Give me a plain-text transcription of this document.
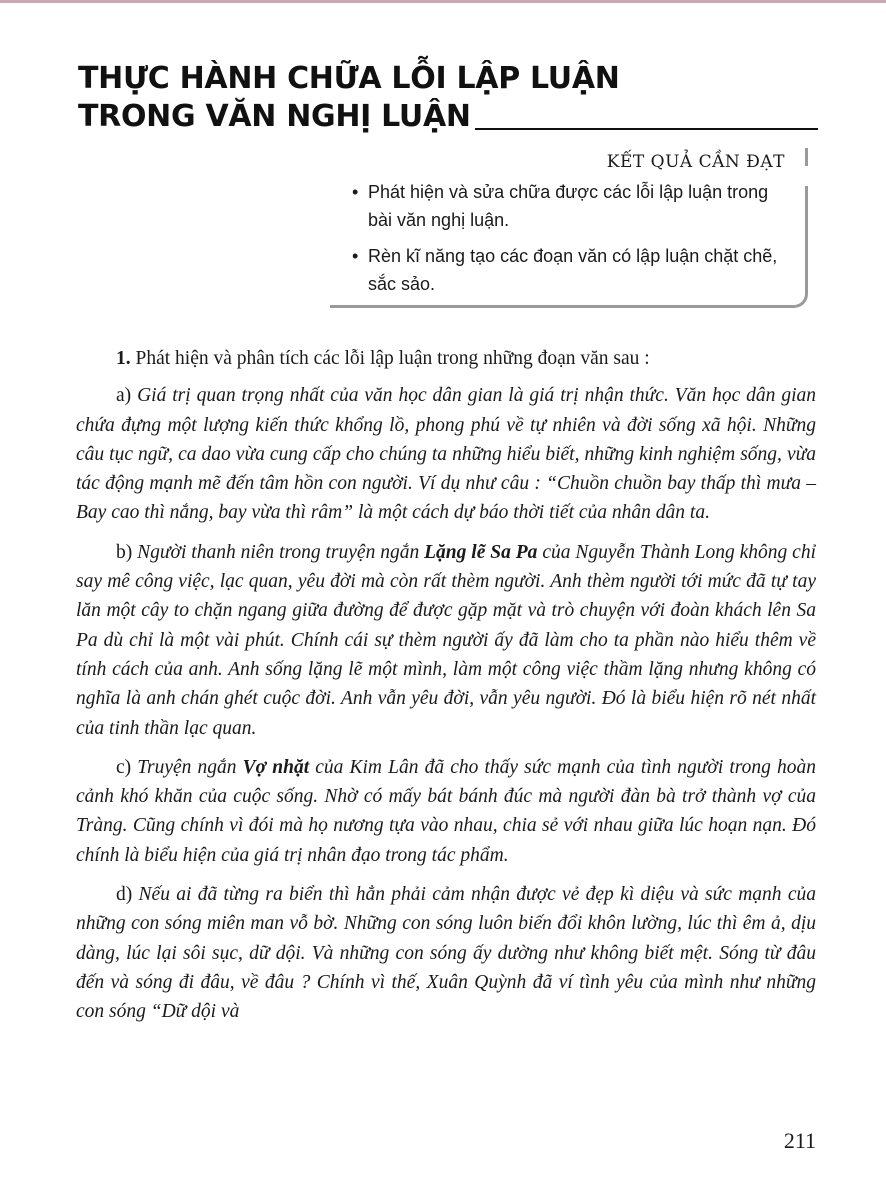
THỰC HÀNH CHỮA LỖI LẬP LUẬN
TRONG VĂN NGHỊ LUẬN
KẾT QUẢ CẦN ĐẠT
• Phát hiện và sửa chữa được các lỗi lập luận trong bài văn nghị luận.
• Rèn kĩ năng tạo các đoạn văn có lập luận chặt chẽ, sắc sảo.

1. Phát hiện và phân tích các lỗi lập luận trong những đoạn văn sau :

a) Giá trị quan trọng nhất của văn học dân gian là giá trị nhận thức. Văn học dân gian chứa đựng một lượng kiến thức khổng lồ, phong phú về tự nhiên và đời sống xã hội. Những câu tục ngữ, ca dao vừa cung cấp cho chúng ta những hiểu biết, những kinh nghiệm sống, vừa tác động mạnh mẽ đến tâm hồn con người. Ví dụ như câu : “Chuồn chuồn bay thấp thì mưa – Bay cao thì nắng, bay vừa thì râm” là một cách dự báo thời tiết của nhân dân ta.

b) Người thanh niên trong truyện ngắn Lặng lẽ Sa Pa của Nguyễn Thành Long không chỉ say mê công việc, lạc quan, yêu đời mà còn rất thèm người. Anh thèm người tới mức đã tự tay lăn một cây to chặn ngang giữa đường để được gặp mặt và trò chuyện với đoàn khách lên Sa Pa dù chỉ là một vài phút. Chính cái sự thèm người ấy đã làm cho ta phần nào hiểu thêm về tính cách của anh. Anh sống lặng lẽ một mình, làm một công việc thầm lặng nhưng không có nghĩa là anh chán ghét cuộc đời. Anh vẫn yêu đời, vẫn yêu người. Đó là biểu hiện rõ nét nhất của tinh thần lạc quan.

c) Truyện ngắn Vợ nhặt của Kim Lân đã cho thấy sức mạnh của tình người trong hoàn cảnh khó khăn của cuộc sống. Nhờ có mấy bát bánh đúc mà người đàn bà trở thành vợ của Tràng. Cũng chính vì đói mà họ nương tựa vào nhau, chia sẻ với nhau giữa lúc hoạn nạn. Đó chính là biểu hiện của giá trị nhân đạo trong tác phẩm.

d) Nếu ai đã từng ra biển thì hẳn phải cảm nhận được vẻ đẹp kì diệu và sức mạnh của những con sóng miên man vỗ bờ. Những con sóng luôn biến đổi khôn lường, lúc thì êm ả, dịu dàng, lúc lại sôi sục, dữ dội. Và những con sóng ấy dường như không biết mệt. Sóng từ đâu đến và sóng đi đâu, về đâu ? Chính vì thế, Xuân Quỳnh đã ví tình yêu của mình như những con sóng “Dữ dội và

211
